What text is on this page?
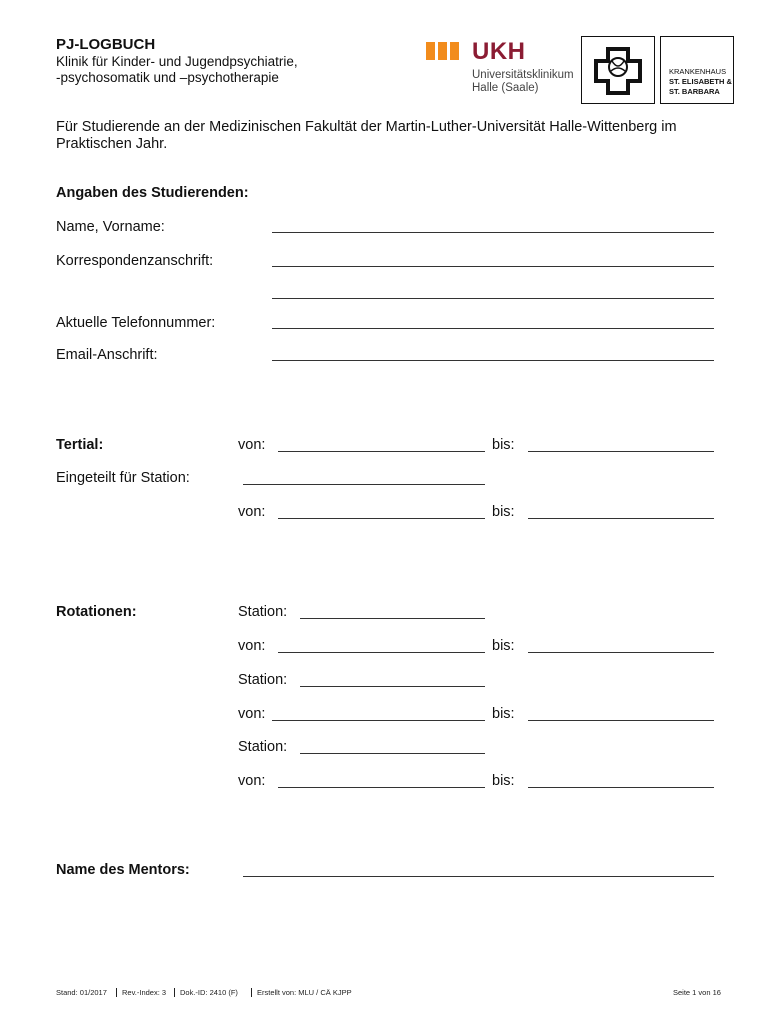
PJ-LOGBUCH
Klinik für Kinder- und Jugendpsychiatrie,
-psychosomatik und –psychotherapie
UKH
Universitätsklinikum
Halle (Saale)
KRANKENHAUS
ST. ELISABETH &
ST. BARBARA
Für Studierende an der Medizinischen Fakultät der Martin-Luther-Universität Halle-Wittenberg im
Praktischen Jahr.
Angaben des Studierenden:
Name, Vorname:
Korrespondenzanschrift:
Aktuelle Telefonnummer:
Email-Anschrift:
Tertial:	von:	bis:
Eingeteilt für Station:
von:	bis:
Rotationen:	Station:
von:	bis:
Station:
von:	bis:
Station:
von:	bis:
Name des Mentors:
Stand: 01/2017	Rev.-Index: 3	Dok.-ID: 2410 (F)	Erstellt von: MLU / CÄ KJPP	Seite 1 von 16
